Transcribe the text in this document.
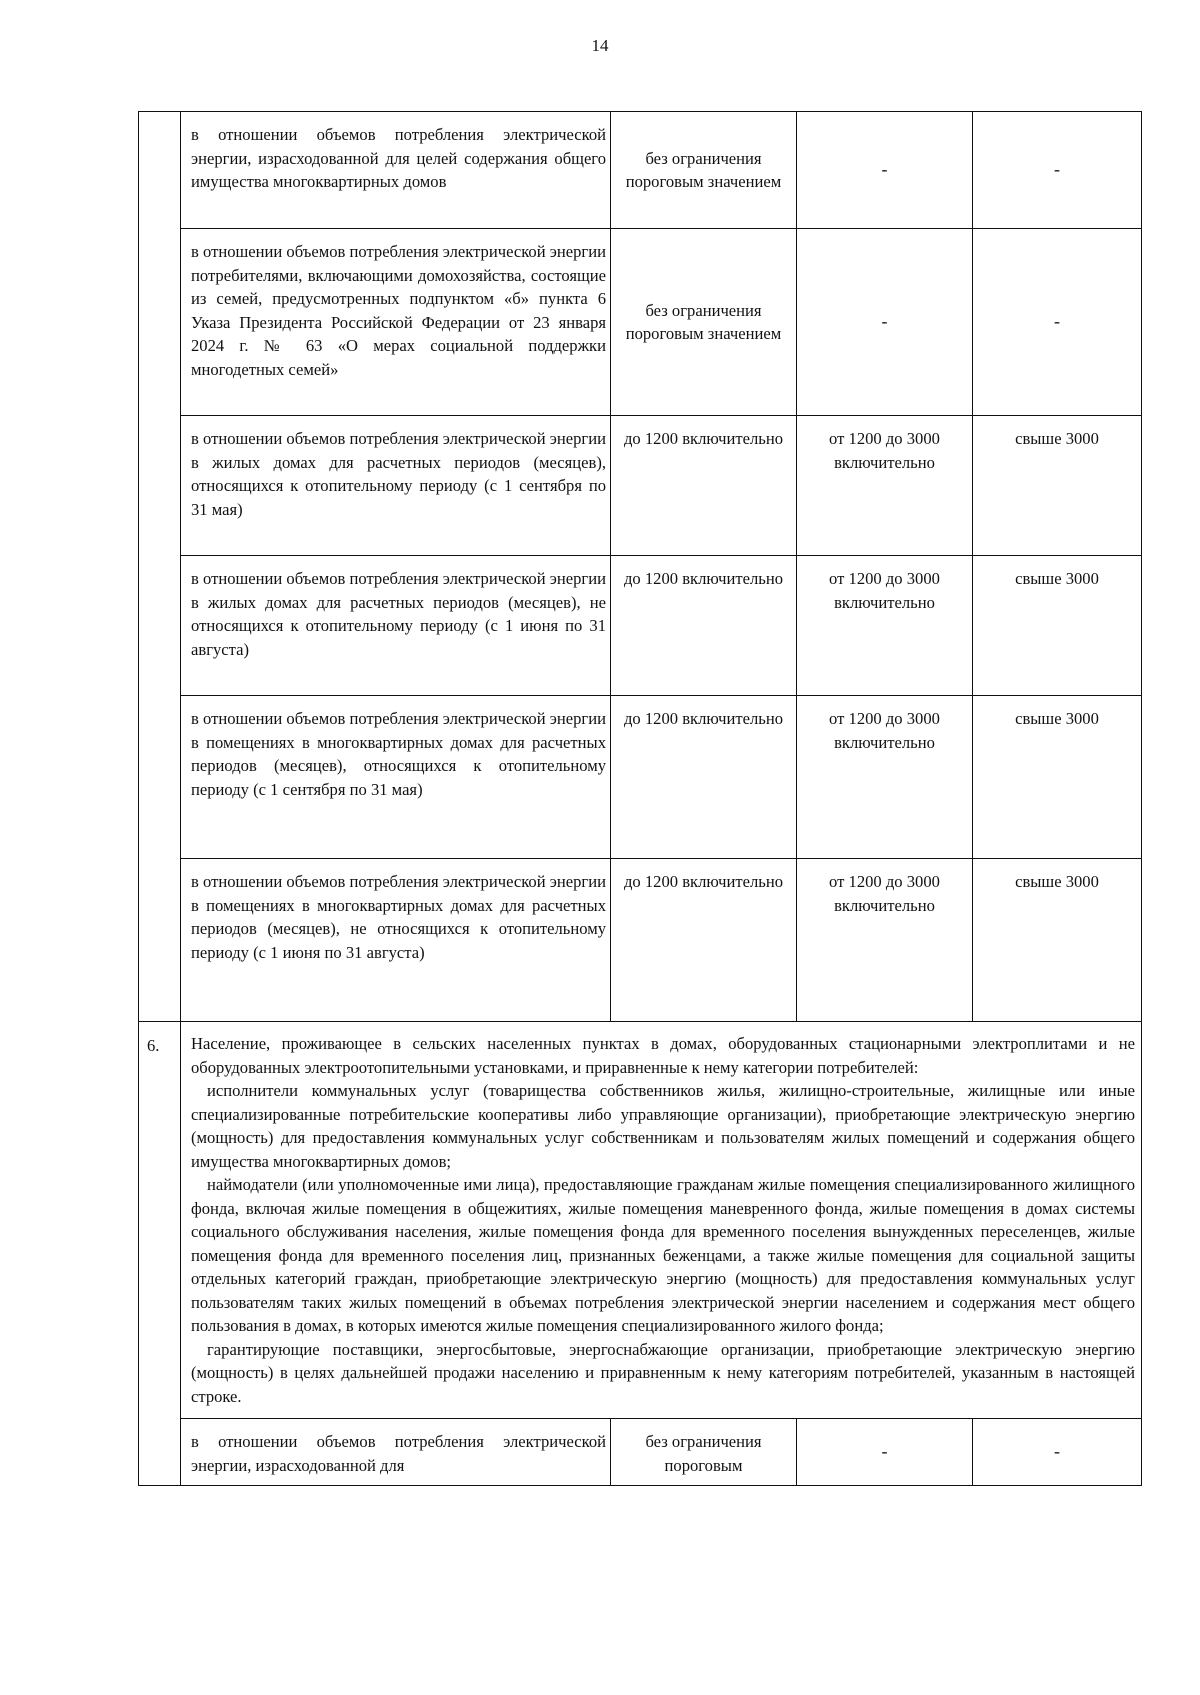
14
	в отношении объемов потребления электрической энергии, израсходованной для целей содержания общего имущества многоквартирных домов	без ограничения пороговым значением	-	-
	в отношении объемов потребления электрической энергии потребителями, включающими домохозяйства, состоящие из семей, предусмотренных подпунктом «б» пункта 6 Указа Президента Российской Федерации от 23 января 2024 г. № 63 «О мерах социальной поддержки многодетных семей»	без ограничения пороговым значением	-	-
	в отношении объемов потребления электрической энергии в жилых домах для расчетных периодов (месяцев), относящихся к отопительному периоду (с 1 сентября по 31 мая)	до 1200 включительно	от 1200 до 3000 включительно	свыше 3000
	в отношении объемов потребления электрической энергии в жилых домах для расчетных периодов (месяцев), не относящихся к отопительному периоду (с 1 июня по 31 августа)	до 1200 включительно	от 1200 до 3000 включительно	свыше 3000
	в отношении объемов потребления электрической энергии в помещениях в многоквартирных домах для расчетных периодов (месяцев), относящихся к отопительному периоду (с 1 сентября по 31 мая)	до 1200 включительно	от 1200 до 3000 включительно	свыше 3000
	в отношении объемов потребления электрической энергии в помещениях в многоквартирных домах для расчетных периодов (месяцев), не относящихся к отопительному периоду (с 1 июня по 31 августа)	до 1200 включительно	от 1200 до 3000 включительно	свыше 3000
6.	Население, проживающее в сельских населенных пунктах в домах, оборудованных стационарными электроплитами и не оборудованных электроотопительными установками, и приравненные к нему категории потребителей:
исполнители коммунальных услуг (товарищества собственников жилья, жилищно-строительные, жилищные или иные специализированные потребительские кооперативы либо управляющие организации), приобретающие электрическую энергию (мощность) для предоставления коммунальных услуг собственникам и пользователям жилых помещений и содержания общего имущества многоквартирных домов;
наймодатели (или уполномоченные ими лица), предоставляющие гражданам жилые помещения специализированного жилищного фонда, включая жилые помещения в общежитиях, жилые помещения маневренного фонда, жилые помещения в домах системы социального обслуживания населения, жилые помещения фонда для временного поселения вынужденных переселенцев, жилые помещения фонда для временного поселения лиц, признанных беженцами, а также жилые помещения для социальной защиты отдельных категорий граждан, приобретающие электрическую энергию (мощность) для предоставления коммунальных услуг пользователям таких жилых помещений в объемах потребления электрической энергии населением и содержания мест общего пользования в домах, в которых имеются жилые помещения специализированного жилого фонда;
гарантирующие поставщики, энергосбытовые, энергоснабжающие организации, приобретающие электрическую энергию (мощность) в целях дальнейшей продажи населению и приравненным к нему категориям потребителей, указанным в настоящей строке.			

	в отношении объемов потребления электрической энергии, израсходованной для	без ограничения пороговым	-	-
